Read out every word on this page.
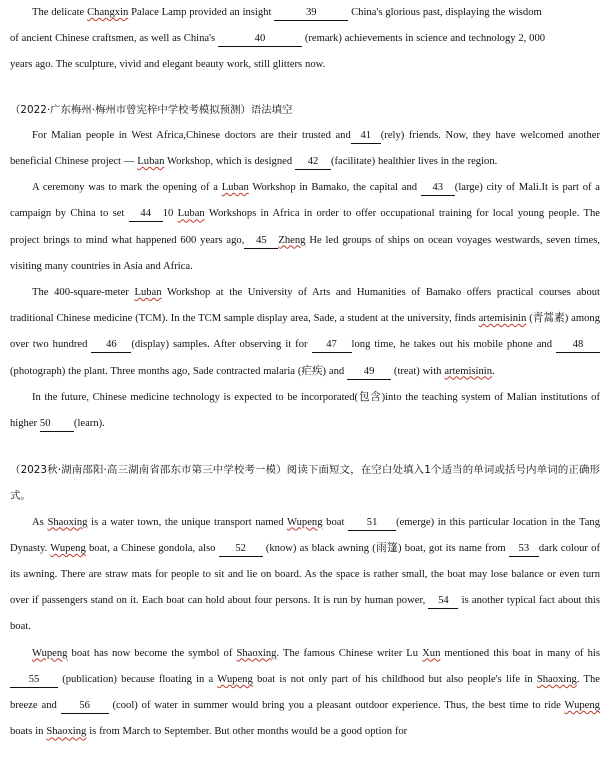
The delicate Changxin Palace Lamp provided an insight	39	China's glorious past, displaying the wisdom

of ancient Chinese craftsmen, as well as China's	40	(remark) achievements in science and technology 2, 000

years ago. The sculpture, vivid and elegant beauty work, still glitters now.

（2022·广东梅州·梅州市曾宪梓中学校考模拟预测）语法填空

For Malian people in West Africa,Chinese doctors are their trusted and 41 (rely) friends. Now, they have welcomed another beneficial Chinese project — Luban Workshop, which is designed 42 (facilitate) healthier lives in the region.

A ceremony was to mark the opening of a Luban Workshop in Bamako, the capital and 43 (large) city of Mali.It is part of a campaign by China to set 44 10 Luban Workshops in Africa in order to offer occupational training for local young people. The project brings to mind what happened 600 years ago, 45 Zheng He led groups of ships on ocean voyages westwards, seven times, visiting many countries in Asia and Africa.

The 400-square-meter Luban Workshop at the University of Arts and Humanities of Bamako offers practical courses about traditional Chinese medicine (TCM). In the TCM sample display area, Sade, a student at the university, finds artemisinin (青蒿素) among over two hundred 46 (display) samples. After observing it for 47 long time, he takes out his mobile phone and 48 (photograph) the plant. Three months ago, Sade contracted malaria (疟疾) and 49 (treat) with artemisinin.

In the future, Chinese medicine technology is expected to be incorporated(包含)into the teaching system of Malian institutions of higher 50 (learn).

（2023秋·湖南邵阳·高三湖南省邵东市第三中学校考一模）阅读下面短文，在空白处填入1个适当的单词或括号内单词的正确形式。

As Shaoxing is a water town, the unique transport named Wupeng boat 51 (emerge) in this particular location in the Tang Dynasty. Wupeng boat, a Chinese gondola, also 52 (know) as black awning (雨篷) boat, got its name from 53 dark colour of its awning. There are straw mats for people to sit and lie on board. As the space is rather small, the boat may lose balance or even turn over if passengers stand on it. Each boat can hold about four persons. It is run by human power, 54 is another typical fact about this boat.

Wupeng boat has now become the symbol of Shaoxing. The famous Chinese writer Lu Xun mentioned this boat in many of his55 (publication) because floating in a Wupeng boat is not only part of his childhood but also people's life in Shaoxing. The breeze and 56 (cool) of water in summer would bring you a pleasant outdoor experience. Thus, the best time to ride Wupeng boats in Shaoxing is from March to September. But other months would be a good option for
